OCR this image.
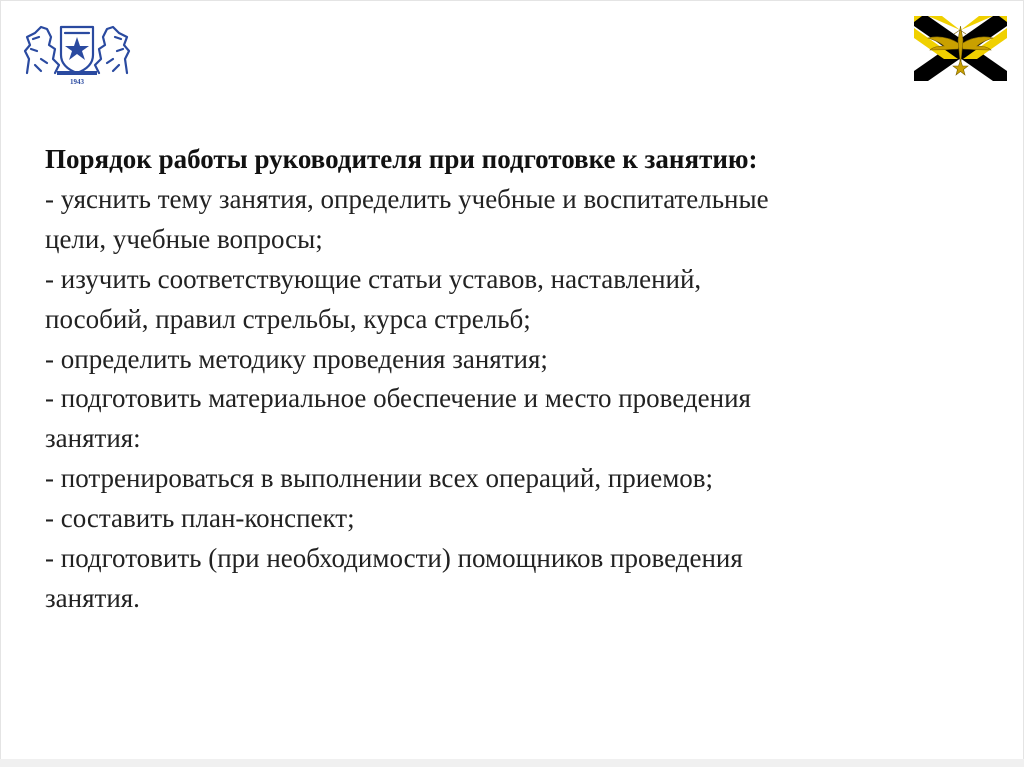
1943
Порядок работы руководителя при подготовке к занятию:
- уяснить тему занятия, определить учебные и воспитательные
цели, учебные вопросы;
- изучить соответствующие статьи уставов, наставлений,
пособий, правил стрельбы, курса стрельб;
- определить методику проведения занятия;
- подготовить материальное обеспечение и место проведения
занятия:
- потренироваться в выполнении всех операций, приемов;
- составить план-конспект;
- подготовить (при необходимости) помощников проведения
занятия.
